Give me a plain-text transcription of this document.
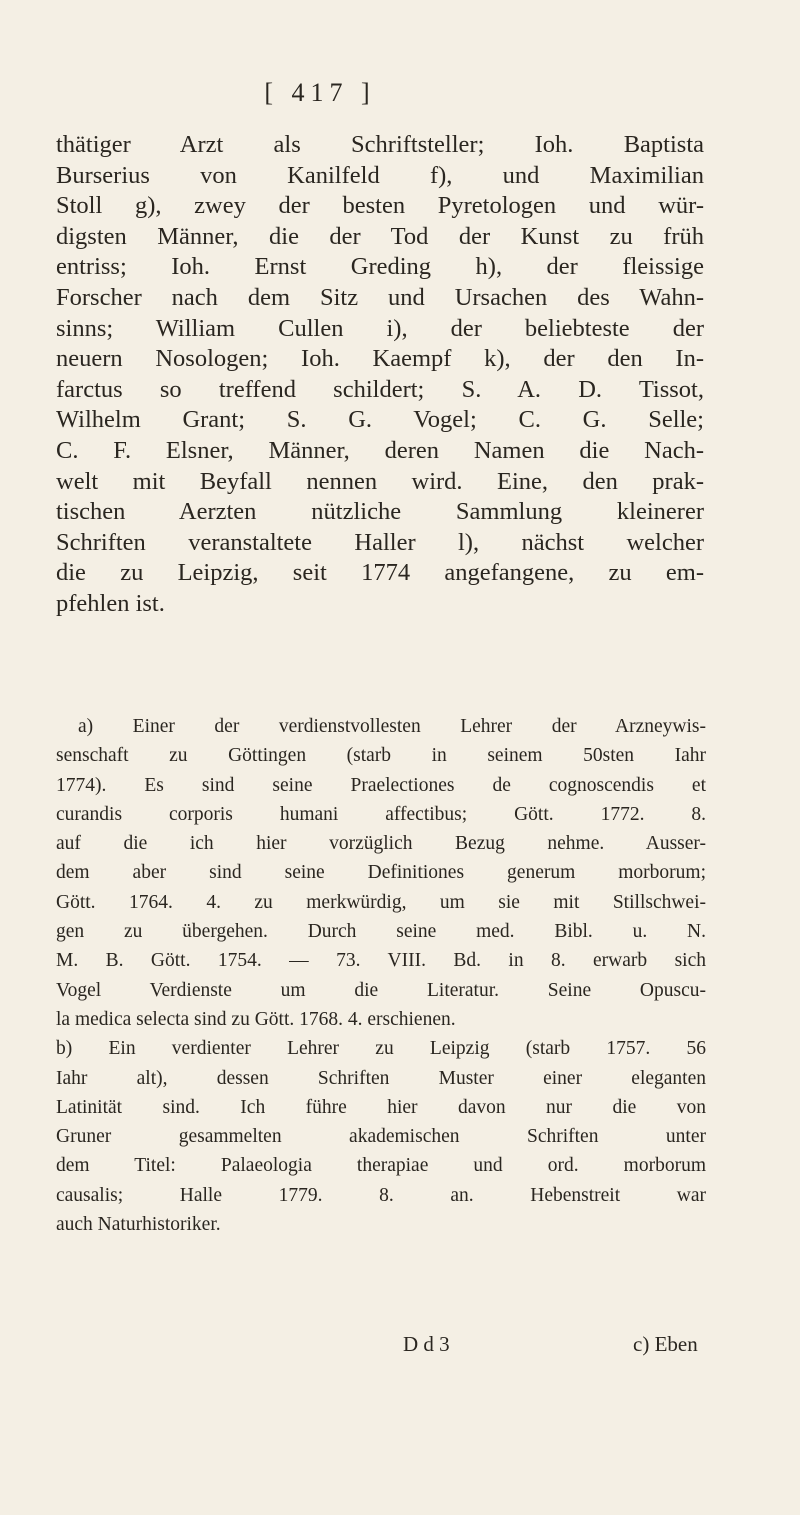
[ 417 ]
thätiger Arzt als Schriftsteller; Ioh. Baptista
Burserius von Kanilfeld f), und Maximilian
Stoll g), zwey der besten Pyretologen und wür-
digsten Männer, die der Tod der Kunst zu früh
entriss; Ioh. Ernst Greding h), der fleissige
Forscher nach dem Sitz und Ursachen des Wahn-
sinns; William Cullen i), der beliebteste der
neuern Nosologen; Ioh. Kaempf k), der den In-
farctus so treffend schildert; S. A. D. Tissot,
Wilhelm Grant; S. G. Vogel; C. G. Selle;
C. F. Elsner, Männer, deren Namen die Nach-
welt mit Beyfall nennen wird. Eine, den prak-
tischen Aerzten nützliche Sammlung kleinerer
Schriften veranstaltete Haller l), nächst welcher
die zu Leipzig, seit 1774 angefangene, zu em-
pfehlen ist.
a) Einer der verdienstvollesten Lehrer der Arzneywis-
senschaft zu Göttingen (starb in seinem 50sten Iahr
1774). Es sind seine Praelectiones de cognoscendis et
curandis corporis humani affectibus; Gött. 1772. 8.
auf die ich hier vorzüglich Bezug nehme. Ausser-
dem aber sind seine Definitiones generum morborum;
Gött. 1764. 4. zu merkwürdig, um sie mit Stillschwei-
gen zu übergehen. Durch seine med. Bibl. u. N.
M. B. Gött. 1754. — 73. VIII. Bd. in 8. erwarb sich
Vogel Verdienste um die Literatur. Seine Opuscu-
la medica selecta sind zu Gött. 1768. 4. erschienen.
b) Ein verdienter Lehrer zu Leipzig (starb 1757. 56
Iahr alt), dessen Schriften Muster einer eleganten
Latinität sind. Ich führe hier davon nur die von
Gruner gesammelten akademischen Schriften unter
dem Titel: Palaeologia therapiae und ord. morborum
causalis; Halle 1779. 8. an. Hebenstreit war
auch Naturhistoriker.
D d 3	c) Eben
